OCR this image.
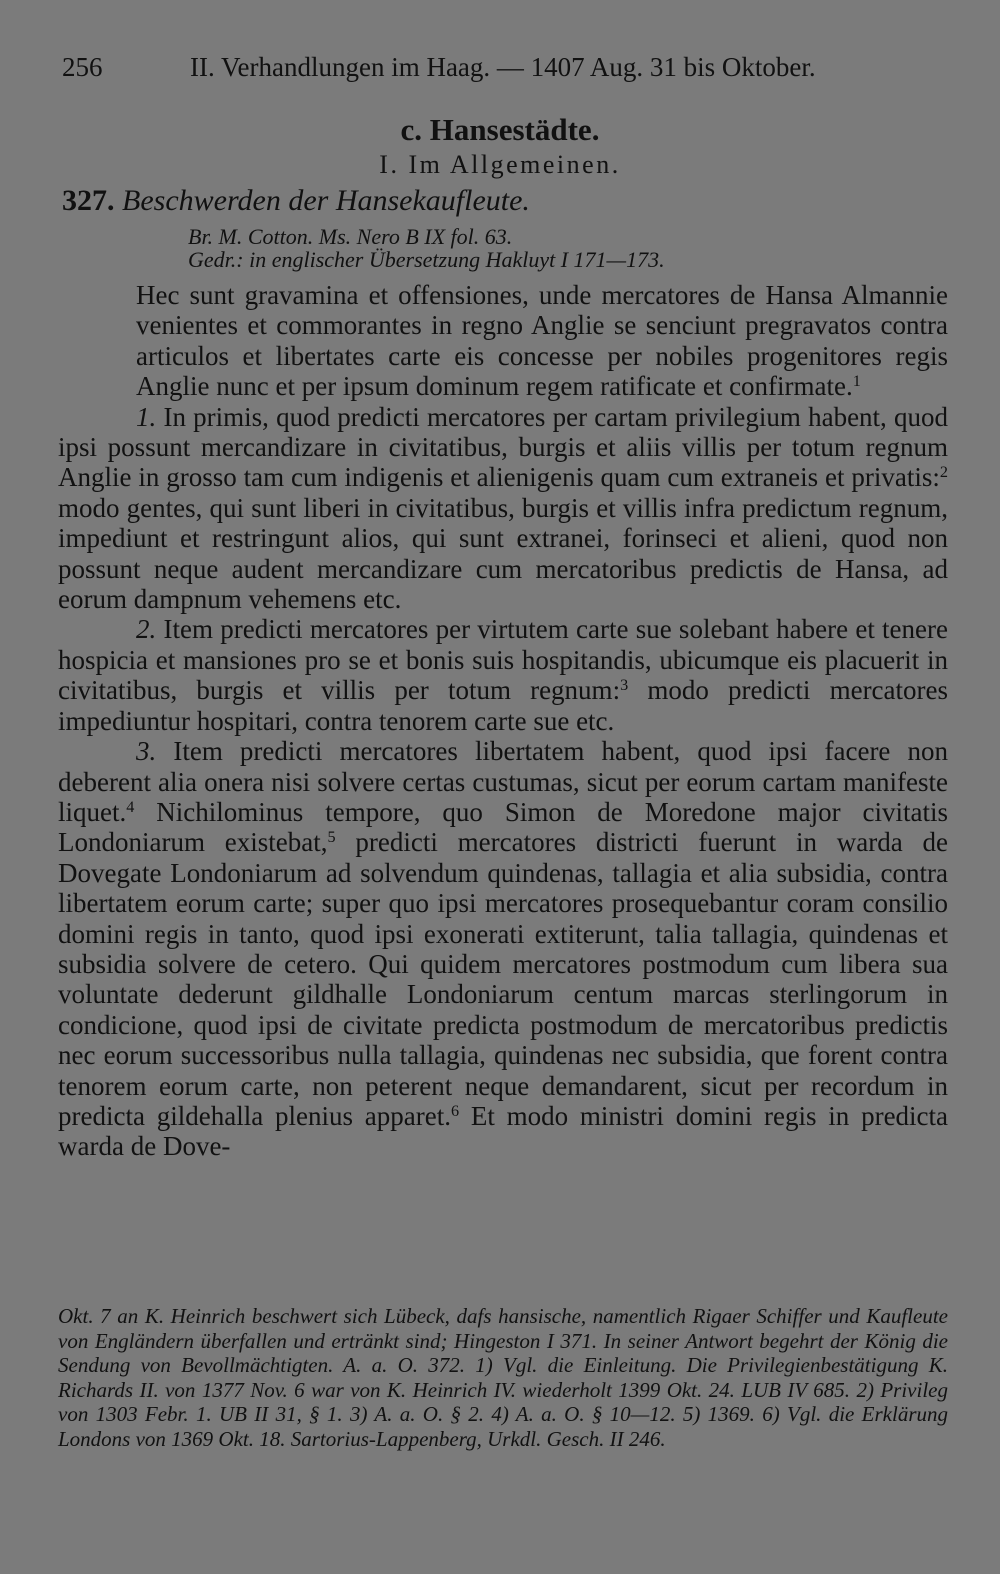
256	II. Verhandlungen im Haag. — 1407 Aug. 31 bis Oktober.
c. Hansestädte.
I. Im Allgemeinen.
327. Beschwerden der Hansekaufleute.
Br. M. Cotton. Ms. Nero B IX fol. 63.
Gedr.: in englischer Übersetzung Hakluyt I 171—173.

Hec sunt gravamina et offensiones, unde mercatores de Hansa Almannie venientes et commorantes in regno Anglie se senciunt pregravatos contra articulos et libertates carte eis concesse per nobiles progenitores regis Anglie nunc et per ipsum dominum regem ratificate et confirmate.$^1$

1. In primis, quod predicti mercatores per cartam privilegium habent, quod ipsi possunt mercandizare in civitatibus, burgis et aliis villis per totum regnum Anglie in grosso tam cum indigenis et alienigenis quam cum extraneis et privatis:$^2$ modo gentes, qui sunt liberi in civitatibus, burgis et villis infra predictum regnum, impediunt et restringunt alios, qui sunt extranei, forinseci et alieni, quod non possunt neque audent mercandizare cum mercatoribus predictis de Hansa, ad eorum dampnum vehemens etc.

2. Item predicti mercatores per virtutem carte sue solebant habere et tenere hospicia et mansiones pro se et bonis suis hospitandis, ubicumque eis placuerit in civitatibus, burgis et villis per totum regnum:$^3$ modo predicti mercatores impediuntur hospitari, contra tenorem carte sue etc.

3. Item predicti mercatores libertatem habent, quod ipsi facere non deberent alia onera nisi solvere certas custumas, sicut per eorum cartam manifeste liquet.$^4$ Nichilominus tempore, quo Simon de Moredone major civitatis Londoniarum existebat,$^5$ predicti mercatores districti fuerunt in warda de Dovegate Londoniarum ad solvendum quindenas, tallagia et alia subsidia, contra libertatem eorum carte; super quo ipsi mercatores prosequebantur coram consilio domini regis in tanto, quod ipsi exonerati extiterunt, talia tallagia, quindenas et subsidia solvere de cetero. Qui quidem mercatores postmodum cum libera sua voluntate dederunt gildhalle Londoniarum centum marcas sterlingorum in condicione, quod ipsi de civitate predicta postmodum de mercatoribus predictis nec eorum successoribus nulla tallagia, quindenas nec subsidia, que forent contra tenorem eorum carte, non peterent neque demandarent, sicut per recordum in predicta gildehalla plenius apparet.$^6$ Et modo ministri domini regis in predicta warda de Dove-

Okt. 7 an K. Heinrich beschwert sich Lübeck, dafs hansische, namentlich Rigaer Schiffer und Kaufleute von Engländern überfallen und ertränkt sind; Hingeston I 371. In seiner Antwort begehrt der König die Sendung von Bevollmächtigten. A. a. O. 372. 1) Vgl. die Einleitung. Die Privilegienbestätigung K. Richards II. von 1377 Nov. 6 war von K. Heinrich IV. wiederholt 1399 Okt. 24. LUB IV 685. 2) Privileg von 1303 Febr. 1. UB II 31, § 1. 3) A. a. O. § 2. 4) A. a. O. § 10—12. 5) 1369. 6) Vgl. die Erklärung Londons von 1369 Okt. 18. Sartorius-Lappenberg, Urkdl. Gesch. II 246.
